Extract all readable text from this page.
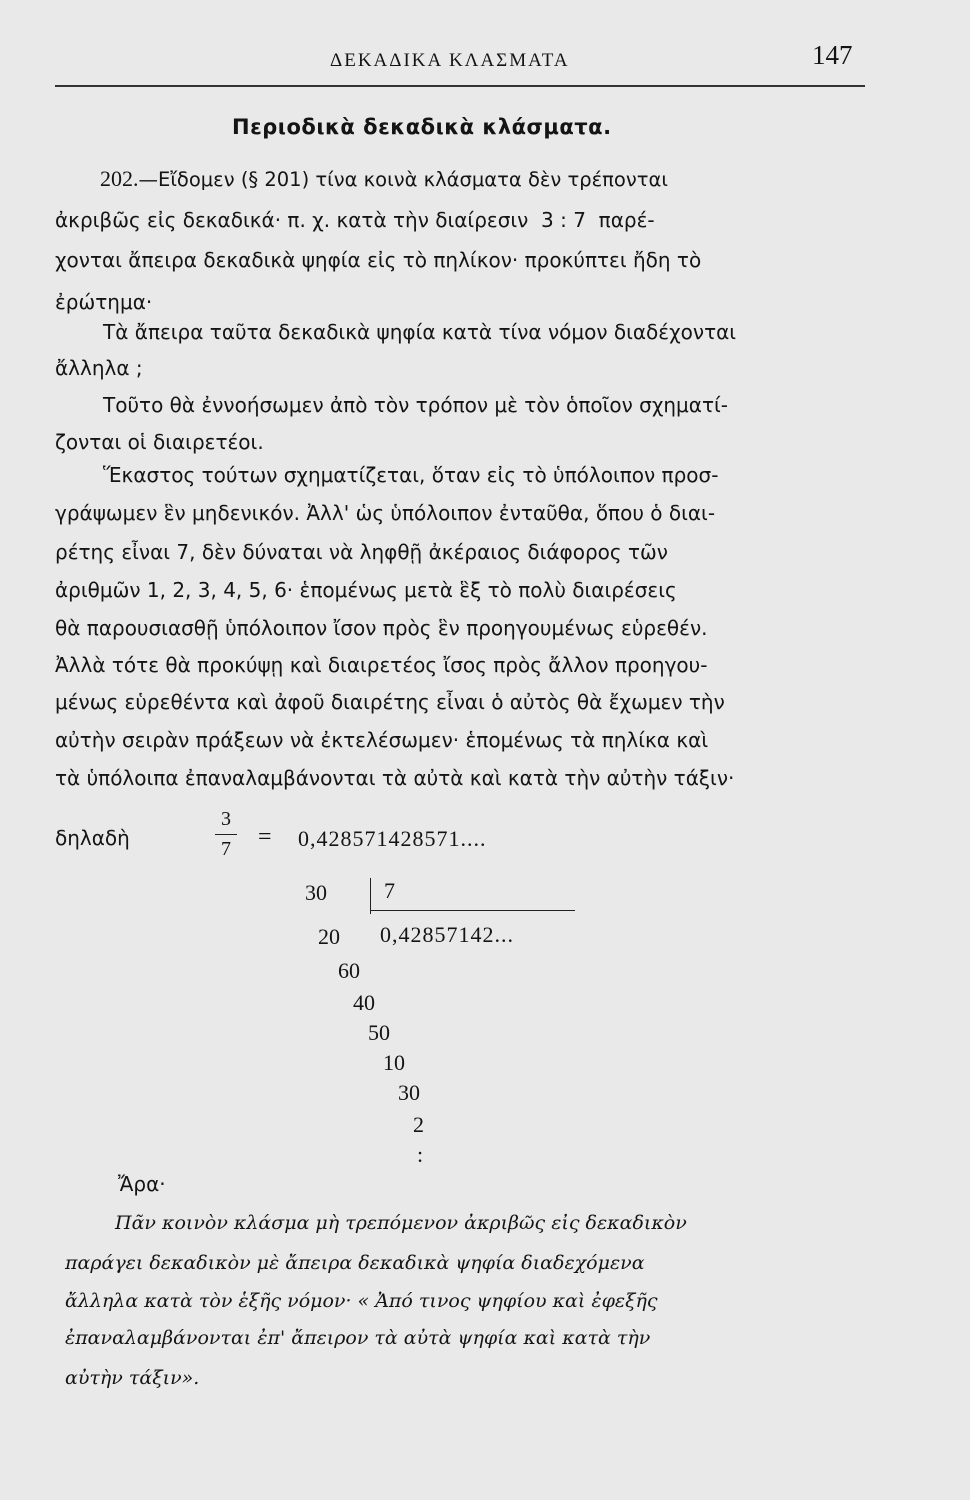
ΔΕΚΑΔΙΚΑ ΚΛΑΣΜΑΤΑ	147
Περιοδικὰ δεκαδικὰ κλάσματα.
202.—Εἴδομεν (§ 201) τίνα κοινὰ κλάσματα δὲν τρέπονται
ἀκριβῶς εἰς δεκαδικά· π. χ. κατὰ τὴν διαίρεσιν  3 : 7  παρέ-
χονται ἄπειρα δεκαδικὰ ψηφία εἰς τὸ πηλίκον· προκύπτει ἤδη τὸ
ἐρώτημα·
Τὰ ἄπειρα ταῦτα δεκαδικὰ ψηφία κατὰ τίνα νόμον διαδέχονται
ἄλληλα ;
Τοῦτο θὰ ἐννοήσωμεν ἀπὸ τὸν τρόπον μὲ τὸν ὁποῖον σχηματί-
ζονται οἱ διαιρετέοι.
Ἕκαστος τούτων σχηματίζεται, ὅταν εἰς τὸ ὑπόλοιπον προσ-
γράψωμεν ἓν μηδενικόν. Ἀλλ' ὡς ὑπόλοιπον ἐνταῦθα, ὅπου ὁ διαι-
ρέτης εἶναι 7, δὲν δύναται νὰ ληφθῇ ἀκέραιος διάφορος τῶν
ἀριθμῶν 1, 2, 3, 4, 5, 6· ἑπομένως μετὰ ἓξ τὸ πολὺ διαιρέσεις
θὰ παρουσιασθῇ ὑπόλοιπον ἴσον πρὸς ἓν προηγουμένως εὑρεθέν.
Ἀλλὰ τότε θὰ προκύψῃ καὶ διαιρετέος ἴσος πρὸς ἄλλον προηγου-
μένως εὑρεθέντα καὶ ἀφοῦ διαιρέτης εἶναι ὁ αὐτὸς θὰ ἔχωμεν τὴν
αὐτὴν σειρὰν πράξεων νὰ ἐκτελέσωμεν· ἑπομένως τὰ πηλίκα καὶ
τὰ ὑπόλοιπα ἐπαναλαμβάνονται τὰ αὐτὰ καὶ κατὰ τὴν αὐτὴν τάξιν·
δηλαδὴ
3
7 = 0,428571428571....
30	7
0,42857142...
20
60
40
50
10
30
2
:
Ἄρα·
Πᾶν κοινὸν κλάσμα μὴ τρεπόμενον ἀκριβῶς εἰς δεκαδικὸν
παράγει δεκαδικὸν μὲ ἄπειρα δεκαδικὰ ψηφία διαδεχόμενα
ἄλληλα κατὰ τὸν ἑξῆς νόμον· « Ἀπό τινος ψηφίου καὶ ἐφεξῆς
ἐπαναλαμβάνονται ἐπ' ἄπειρον τὰ αὐτὰ ψηφία καὶ κατὰ τὴν
αὐτὴν τάξιν».
